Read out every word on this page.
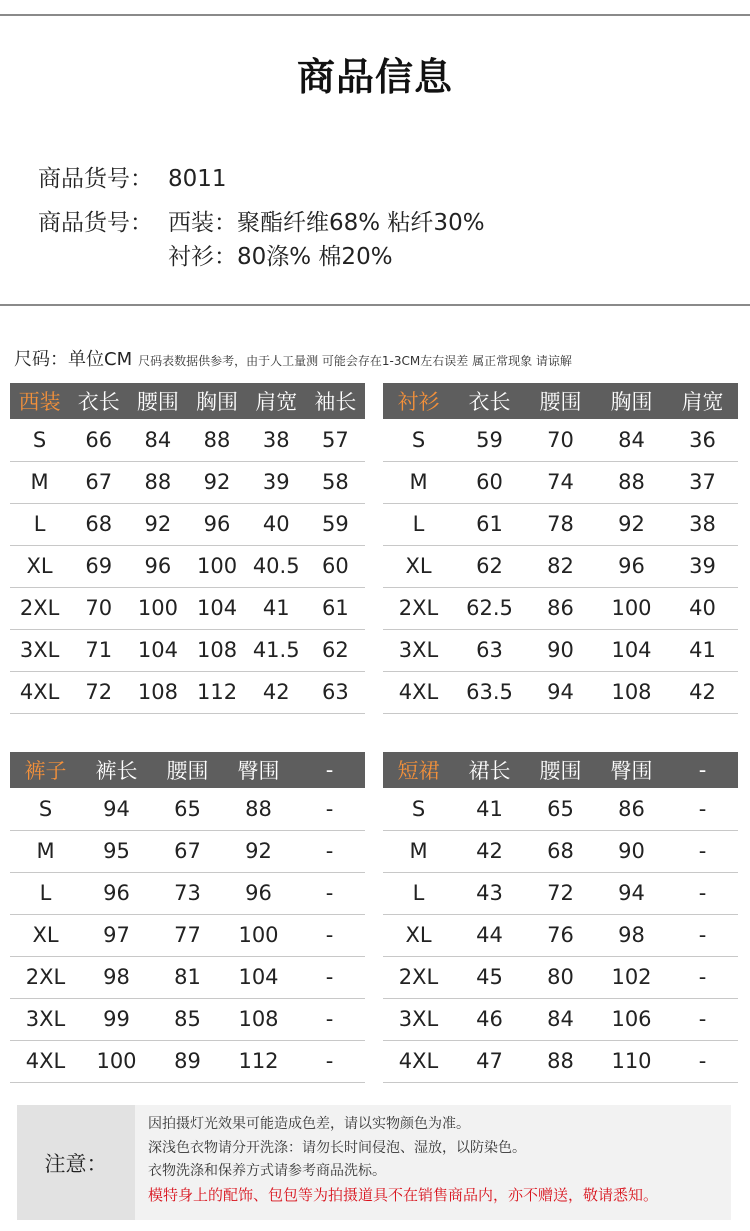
商品信息
商品货号： 8011
商品货号： 西装：聚酯纤维68% 粘纤30%
衬衫：80涤% 棉20%
尺码：单位CM 尺码表数据供参考，由于人工量测 可能会存在1-3CM左右误差 属正常现象 请谅解
西装	衣长	腰围	胸围	肩宽	袖长
S	66	84	88	38	57
M	67	88	92	39	58
L	68	92	96	40	59
XL	69	96	100	40.5	60
2XL	70	100	104	41	61
3XL	71	104	108	41.5	62
4XL	72	108	112	42	63
衬衫	衣长	腰围	胸围	肩宽
S	59	70	84	36
M	60	74	88	37
L	61	78	92	38
XL	62	82	96	39
2XL	62.5	86	100	40
3XL	63	90	104	41
4XL	63.5	94	108	42
裤子	裤长	腰围	臀围	-
S	94	65	88	-
M	95	67	92	-
L	96	73	96	-
XL	97	77	100	-
2XL	98	81	104	-
3XL	99	85	108	-
4XL	100	89	112	-
短裙	裙长	腰围	臀围	-
S	41	65	86	-
M	42	68	90	-
L	43	72	94	-
XL	44	76	98	-
2XL	45	80	102	-
3XL	46	84	106	-
4XL	47	88	110	-
注意：
因拍摄灯光效果可能造成色差，请以实物颜色为准。
深浅色衣物请分开洗涤：请勿长时间侵泡、湿放，以防染色。
衣物洗涤和保养方式请参考商品洗标。
模特身上的配饰、包包等为拍摄道具不在销售商品内，亦不赠送，敬请悉知。
